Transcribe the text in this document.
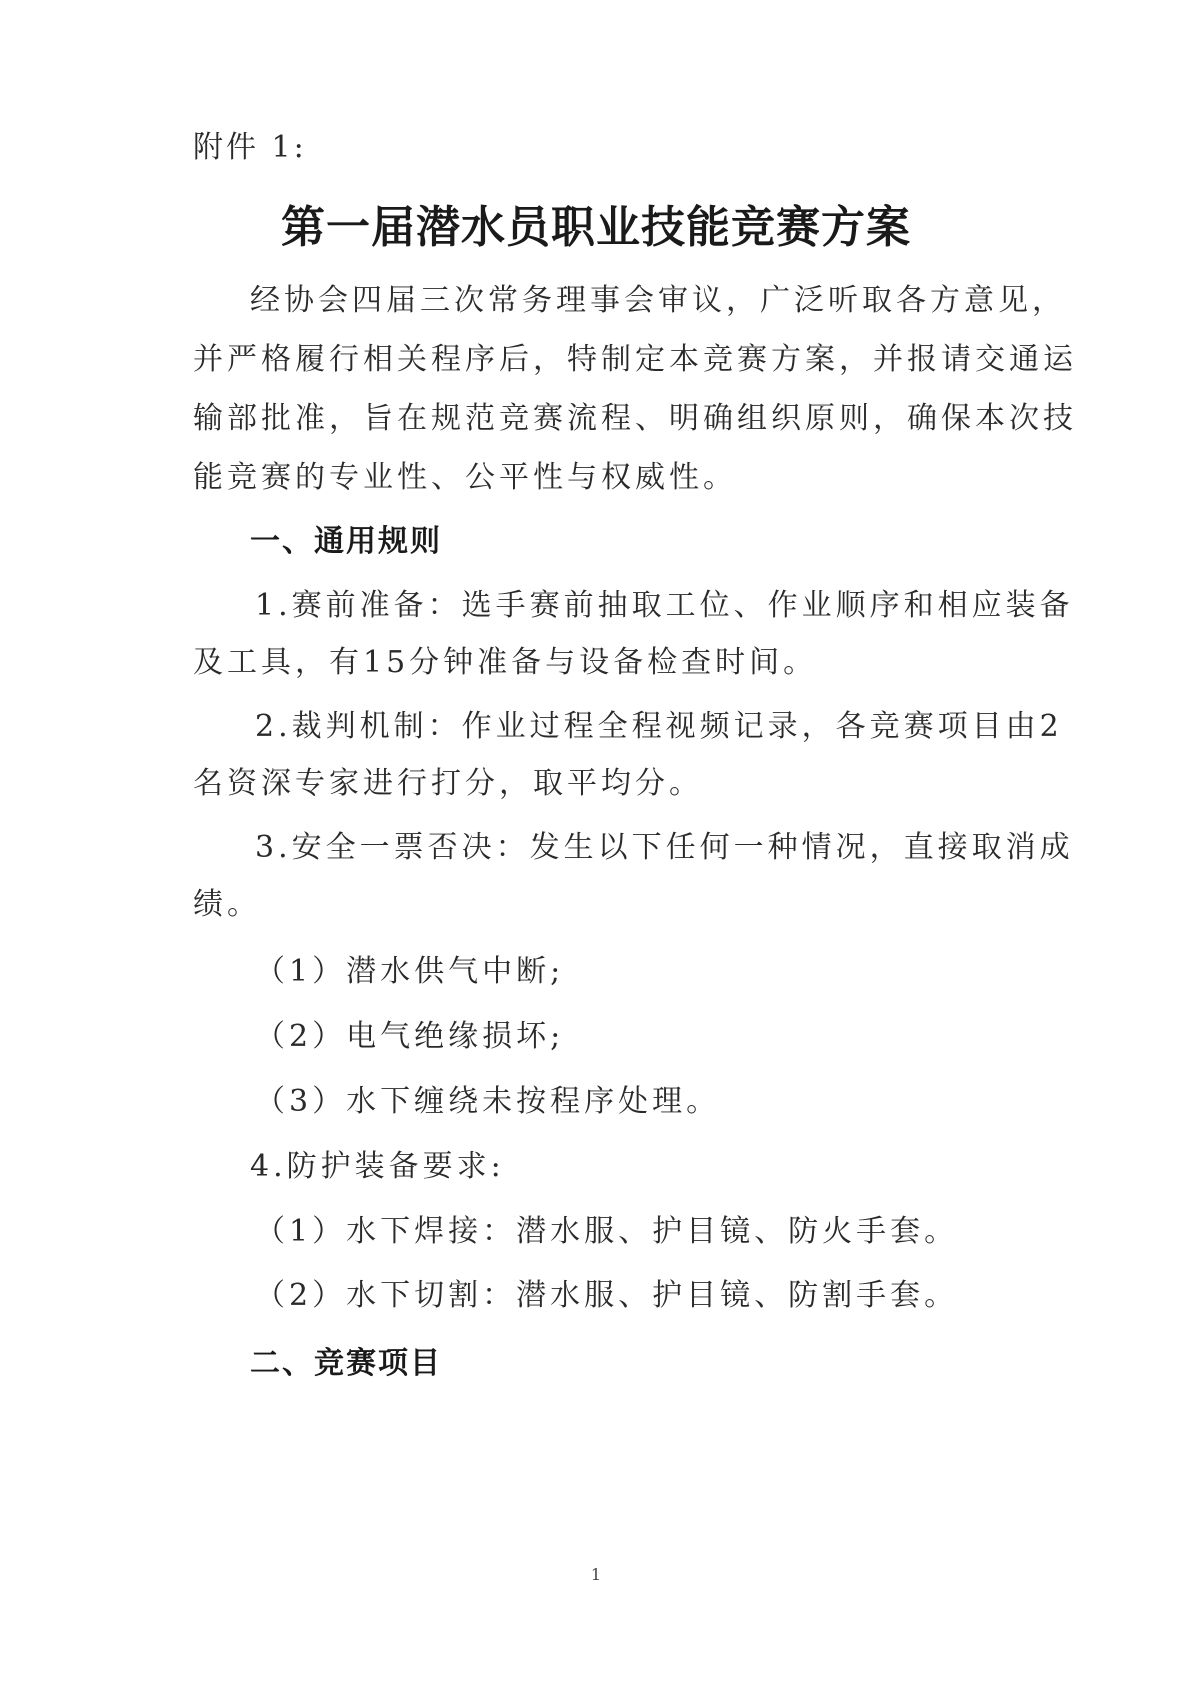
附件 1:
第一届潜水员职业技能竞赛方案
经协会四届三次常务理事会审议，广泛听取各方意见，
并严格履行相关程序后，特制定本竞赛方案，并报请交通运
输部批准，旨在规范竞赛流程、明确组织原则，确保本次技
能竞赛的专业性、公平性与权威性。
一、通用规则
1.赛前准备：选手赛前抽取工位、作业顺序和相应装备
及工具，有15分钟准备与设备检查时间。
2.裁判机制：作业过程全程视频记录，各竞赛项目由2
名资深专家进行打分，取平均分。
3.安全一票否决：发生以下任何一种情况，直接取消成
绩。
（1）潜水供气中断;
（2）电气绝缘损坏;
（3）水下缠绕未按程序处理。
4.防护装备要求:
（1）水下焊接：潜水服、护目镜、防火手套。
（2）水下切割：潜水服、护目镜、防割手套。
二、竞赛项目
1
